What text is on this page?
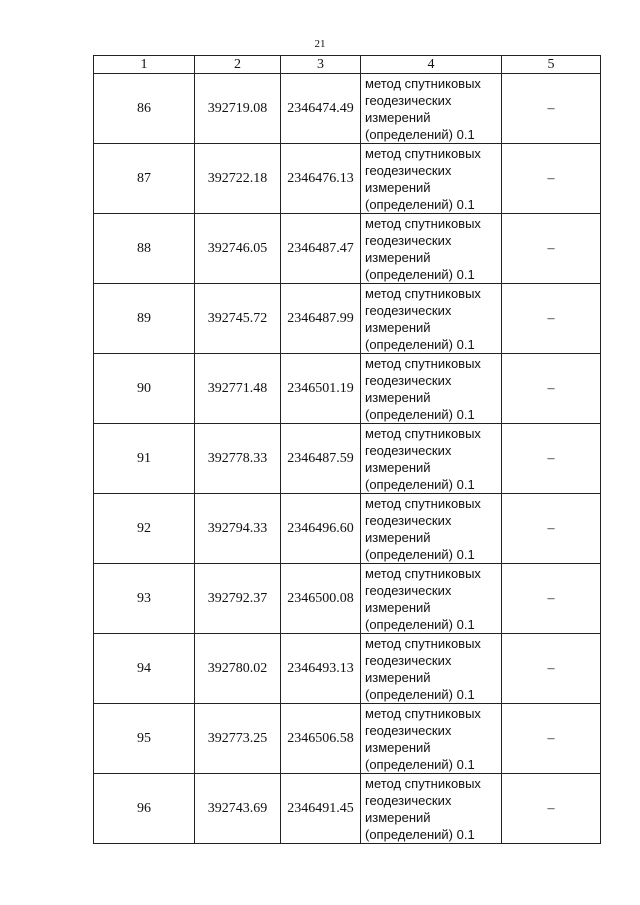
21
1	2	3	4	5
86	392719.08	2346474.49	метод спутниковых геодезических измерений (определений) 0.1	–
87	392722.18	2346476.13	метод спутниковых геодезических измерений (определений) 0.1	–
88	392746.05	2346487.47	метод спутниковых геодезических измерений (определений) 0.1	–
89	392745.72	2346487.99	метод спутниковых геодезических измерений (определений) 0.1	–
90	392771.48	2346501.19	метод спутниковых геодезических измерений (определений) 0.1	–
91	392778.33	2346487.59	метод спутниковых геодезических измерений (определений) 0.1	–
92	392794.33	2346496.60	метод спутниковых геодезических измерений (определений) 0.1	–
93	392792.37	2346500.08	метод спутниковых геодезических измерений (определений) 0.1	–
94	392780.02	2346493.13	метод спутниковых геодезических измерений (определений) 0.1	–
95	392773.25	2346506.58	метод спутниковых геодезических измерений (определений) 0.1	–
96	392743.69	2346491.45	метод спутниковых геодезических измерений (определений) 0.1	–
